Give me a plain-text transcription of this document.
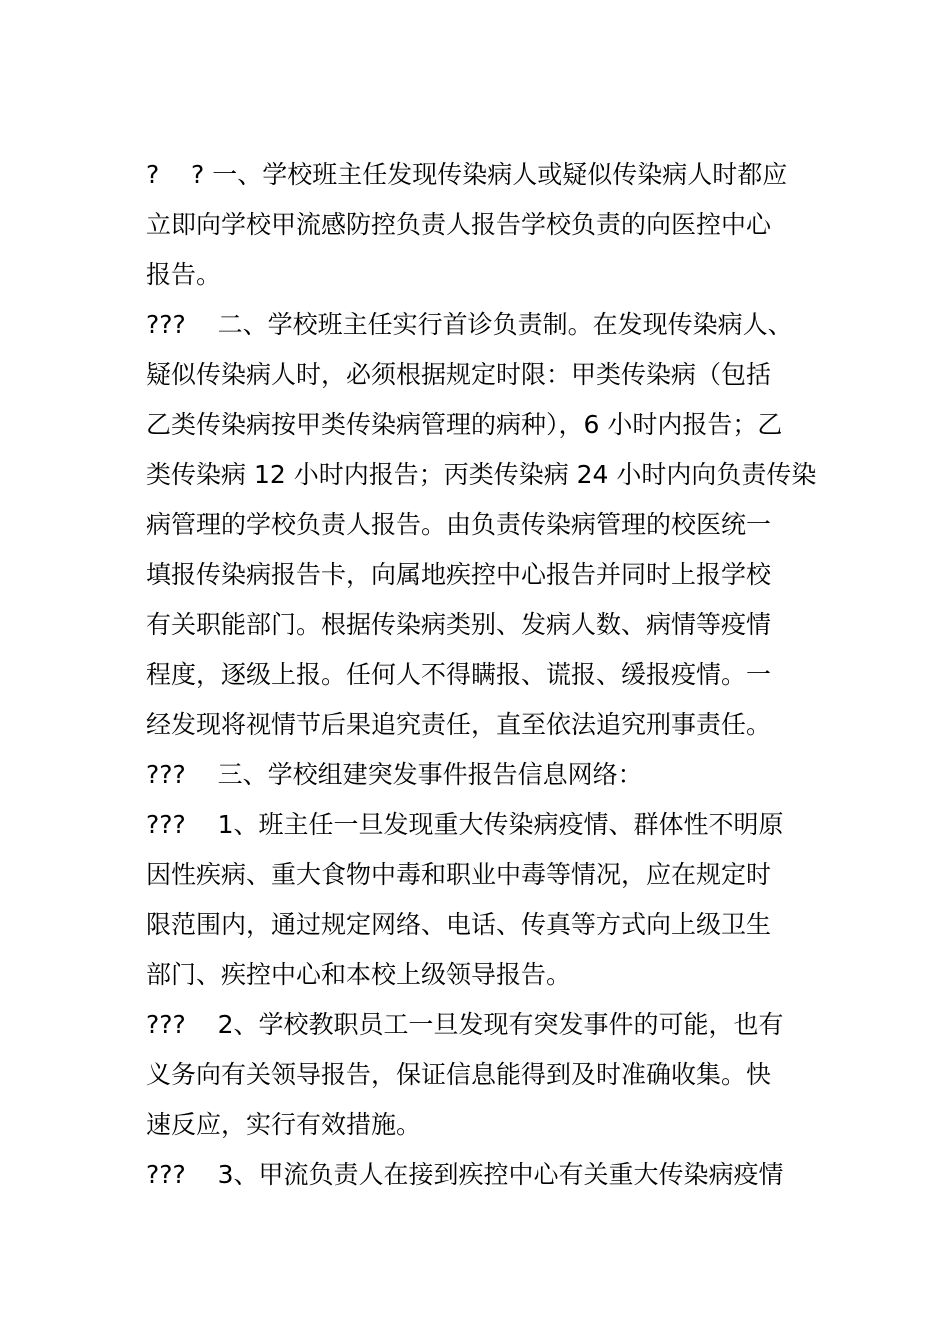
?    ? 一、学校班主任发现传染病人或疑似传染病人时都应
立即向学校甲流感防控负责人报告学校负责的向医控中心
报告。
???    二、学校班主任实行首诊负责制。在发现传染病人、
疑似传染病人时，必须根据规定时限：甲类传染病（包括
乙类传染病按甲类传染病管理的病种），6 小时内报告；乙
类传染病 12 小时内报告；丙类传染病 24 小时内向负责传染
病管理的学校负责人报告。由负责传染病管理的校医统一
填报传染病报告卡，向属地疾控中心报告并同时上报学校
有关职能部门。根据传染病类别、发病人数、病情等疫情
程度，逐级上报。任何人不得瞒报、谎报、缓报疫情。一
经发现将视情节后果追究责任，直至依法追究刑事责任。
???    三、学校组建突发事件报告信息网络：
???    1、班主任一旦发现重大传染病疫情、群体性不明原
因性疾病、重大食物中毒和职业中毒等情况，应在规定时
限范围内，通过规定网络、电话、传真等方式向上级卫生
部门、疾控中心和本校上级领导报告。
???    2、学校教职员工一旦发现有突发事件的可能，也有
义务向有关领导报告，保证信息能得到及时准确收集。快
速反应，实行有效措施。
???    3、甲流负责人在接到疾控中心有关重大传染病疫情
